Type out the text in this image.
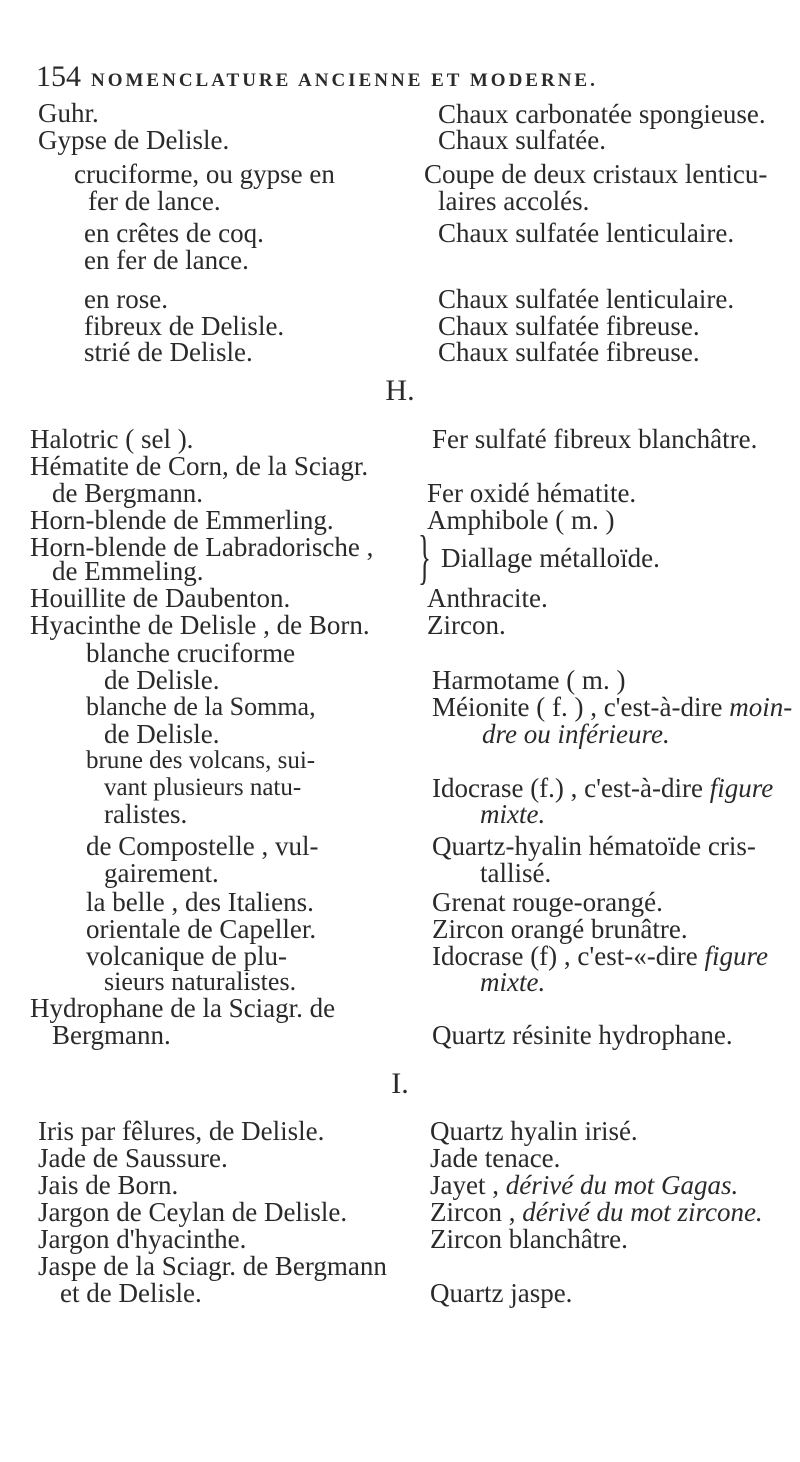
154 NOMENCLATURE ANCIENNE ET MODERNE.
Guhr.
Gypse de Delisle.
cruciforme, ou gypse en
fer de lance.
en crêtes de coq.
en fer de lance.
en rose.
fibreux de Delisle.
strié de Delisle.
Chaux carbonatée spongieuse.
Chaux sulfatée.
Coupe de deux cristaux lenticu-
laires accolés.
Chaux sulfatée lenticulaire.
Chaux sulfatée lenticulaire.
Chaux sulfatée fibreuse.
Chaux sulfatée fibreuse.
H.
Halotric ( sel ).
Hématite de Corn, de la Sciagr.
de Bergmann.
Horn-blende de Emmerling.
Horn-blende de Labradorische ,
de Emmeling.
Houillite de Daubenton.
Hyacinthe de Delisle , de Born.
blanche cruciforme
de Delisle.
blanche de la Somma,
de Delisle.
brune des volcans, sui-
vant plusieurs natu-
ralistes.
de Compostelle , vul-
gairement.
la belle , des Italiens.
orientale de Capeller.
volcanique de plu-
sieurs naturalistes.
Hydrophane de la Sciagr. de
Bergmann.
Fer sulfaté fibreux blanchâtre.
Fer oxidé hématite.
Amphibole ( m. )
} Diallage métalloïde.
Anthracite.
Zircon.
Harmotame ( m. )
Méionite ( f. ) , c'est-à-dire moin-
dre ou inférieure.
Idocrase (f.) , c'est-à-dire figure
mixte.
Quartz-hyalin hématoïde cris-
tallisé.
Grenat rouge-orangé.
Zircon orangé brunâtre.
Idocrase (f) , c'est-«-dire figure
mixte.
Quartz résinite hydrophane.
I.
Iris par fêlures, de Delisle.
Jade de Saussure.
Jais de Born.
Jargon de Ceylan de Delisle.
Jargon d'hyacinthe.
Jaspe de la Sciagr. de Bergmann
et de Delisle.
Quartz hyalin irisé.
Jade tenace.
Jayet , dérivé du mot Gagas.
Zircon , dérivé du mot zircone.
Zircon blanchâtre.
Quartz jaspe.
